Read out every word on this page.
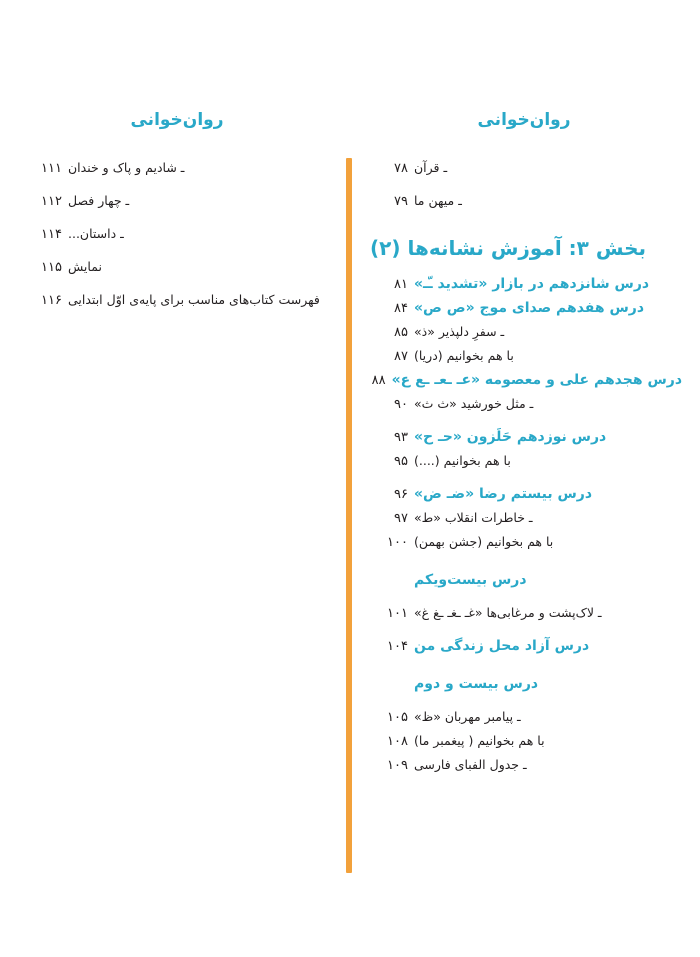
روان‌خوانی
ـ قرآن
۷۸
ـ میهن ما
۷۹
بخش ۳: آموزش نشانه‌ها (۲)
درس شانزدهم در بازار «تشدید ـّـ»
۸۱
درس هفدهم صدای موج «ص ص»
۸۴
ـ سفرِ دلپذیر «ذ»
۸۵
با هم بخوانیم (دریا)
۸۷
درس هجدهم علی و معصومه «عـ ـعـ ـع ع»
۸۸
ـ مثل خورشید «ث ث»
۹۰
درس نوزدهم حَلَزون «حـ ح»
۹۳
با هم بخوانیم (....)
۹۵
درس بیستم رضا «ضـ ض»
۹۶
ـ خاطرات انقلاب «ط»
۹۷
با هم بخوانیم (جشن بهمن)
۱۰۰
درس بیست‌ویکم
ـ لاک‌پشت و مرغابی‌ها «غـ ـغـ ـغ غ»
۱۰۱
درس آزاد محل زندگی من
۱۰۴
درس بیست و دوم
ـ پیامبر مهربان «ظ»
۱۰۵
با هم بخوانیم ( پیغمبر ما)
۱۰۸
ـ جدول الفبای فارسی
۱۰۹
روان‌خوانی
ـ شادیم و پاک و خندان
۱۱۱
ـ چهار فصل
۱۱۲
ـ داستان...
۱۱۴
نمایش
۱۱۵
فهرست کتاب‌های مناسب برای پایه‌ی اوّل ابتدایی
۱۱۶
